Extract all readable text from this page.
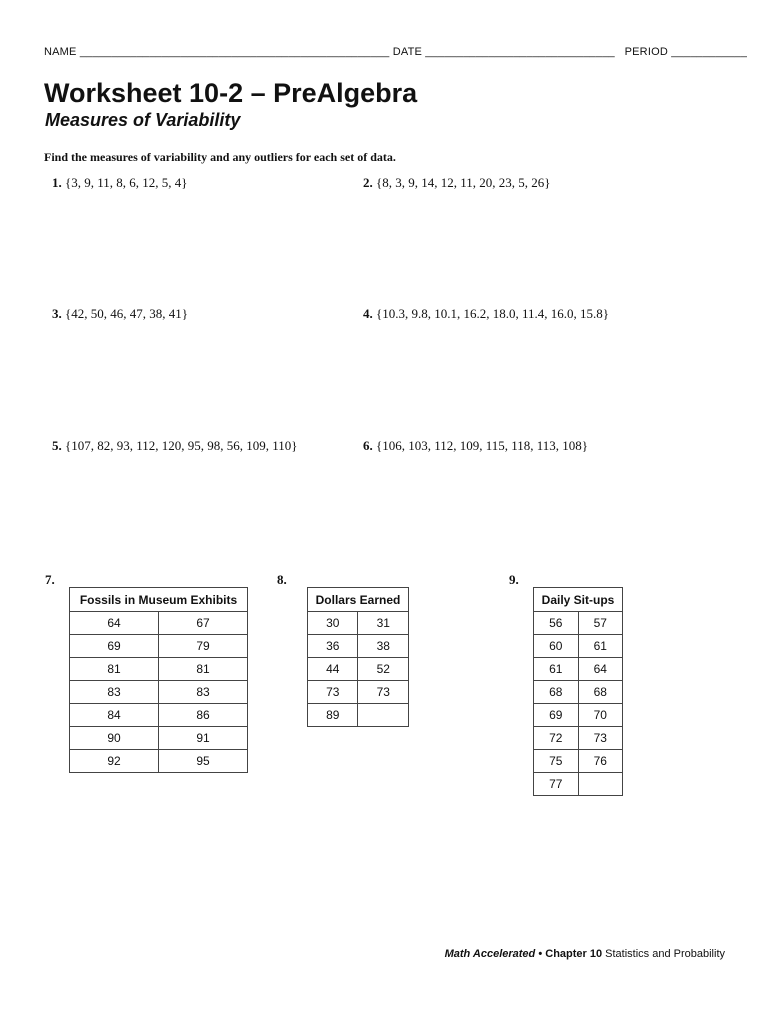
NAME _________________________________________________ DATE ______________________________ PERIOD ____________
Worksheet 10-2 – PreAlgebra
Measures of Variability
Find the measures of variability and any outliers for each set of data.
1. {3, 9, 11, 8, 6, 12, 5, 4}	2. {8, 3, 9, 14, 12, 11, 20, 23, 5, 26}
3. {42, 50, 46, 47, 38, 41}	4. {10.3, 9.8, 10.1, 16.2, 18.0, 11.4, 16.0, 15.8}
5. {107, 82, 93, 112, 120, 95, 98, 56, 109, 110}	6. {106, 103, 112, 109, 115, 118, 113, 108}
7.	8.	9.
Fossils in Museum Exhibits	
64	67
69	79
81	81
83	83
84	86
90	91
92	95
Dollars Earned	
30	31
36	38
44	52
73	73
89	
Daily Sit-ups	
56	57
60	61
61	64
68	68
69	70
72	73
75	76
77	
Math Accelerated • Chapter 10 Statistics and Probability
